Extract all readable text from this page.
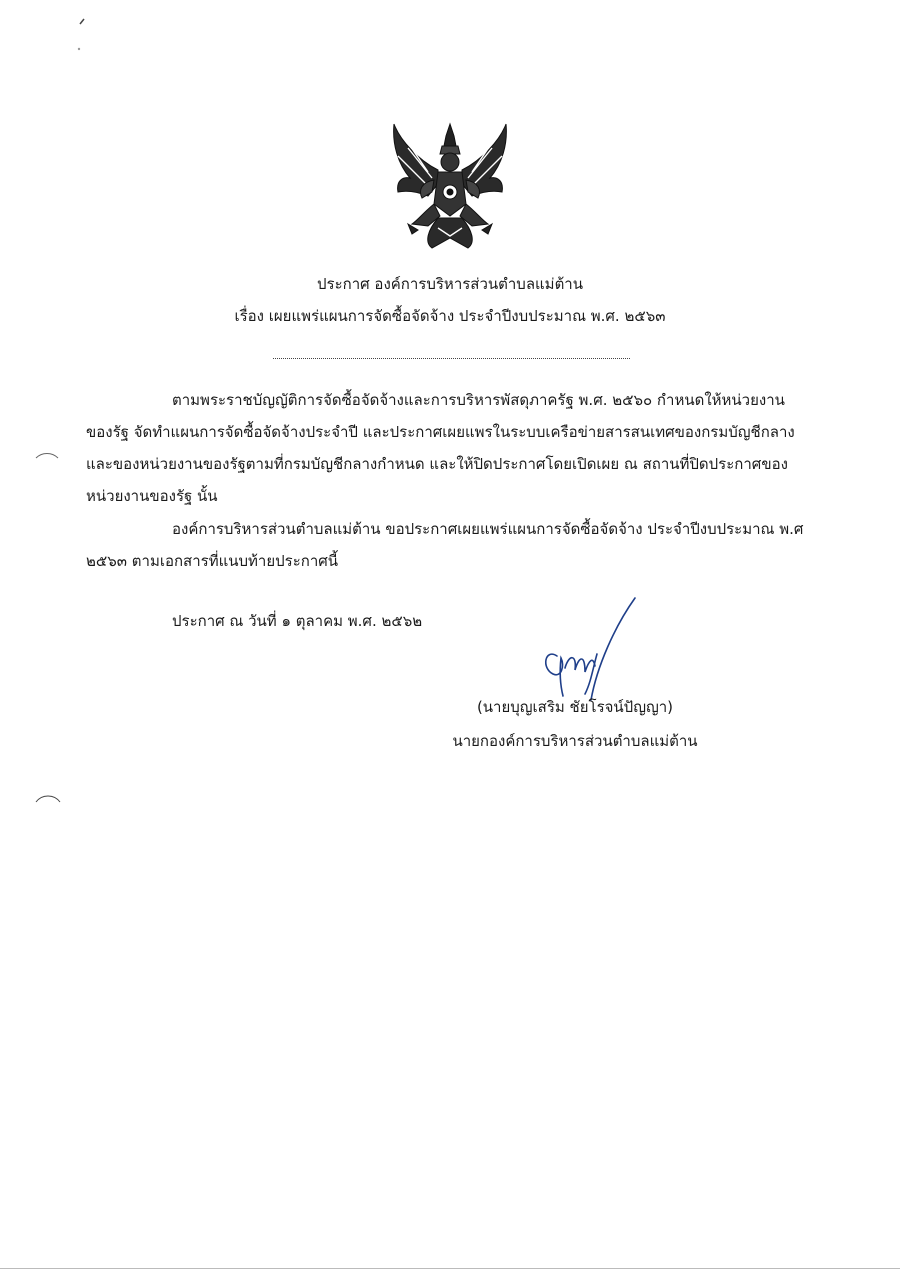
ประกาศ องค์การบริหารส่วนตำบลแม่ต้าน
เรื่อง เผยแพร่แผนการจัดซื้อจัดจ้าง ประจำปีงบประมาณ พ.ศ. ๒๕๖๓

ตามพระราชบัญญัติการจัดซื้อจัดจ้างและการบริหารพัสดุภาครัฐ พ.ศ. ๒๕๖๐ กำหนดให้หน่วยงานของรัฐ จัดทำแผนการจัดซื้อจัดจ้างประจำปี และประกาศเผยแพรในระบบเครือข่ายสารสนเทศของกรมบัญชีกลางและของหน่วยงานของรัฐตามที่กรมบัญชีกลางกำหนด และให้ปิดประกาศโดยเปิดเผย ณ สถานที่ปิดประกาศของหน่วยงานของรัฐ นั้น

องค์การบริหารส่วนตำบลแม่ต้าน ขอประกาศเผยแพร่แผนการจัดซื้อจัดจ้าง ประจำปีงบประมาณ พ.ศ ๒๕๖๓ ตามเอกสารที่แนบท้ายประกาศนี้

ประกาศ ณ วันที่ ๑ ตุลาคม พ.ศ. ๒๕๖๒
(นายบุญเสริม ชัยโรจน์ปัญญา)
นายกองค์การบริหารส่วนตำบลแม่ต้าน
